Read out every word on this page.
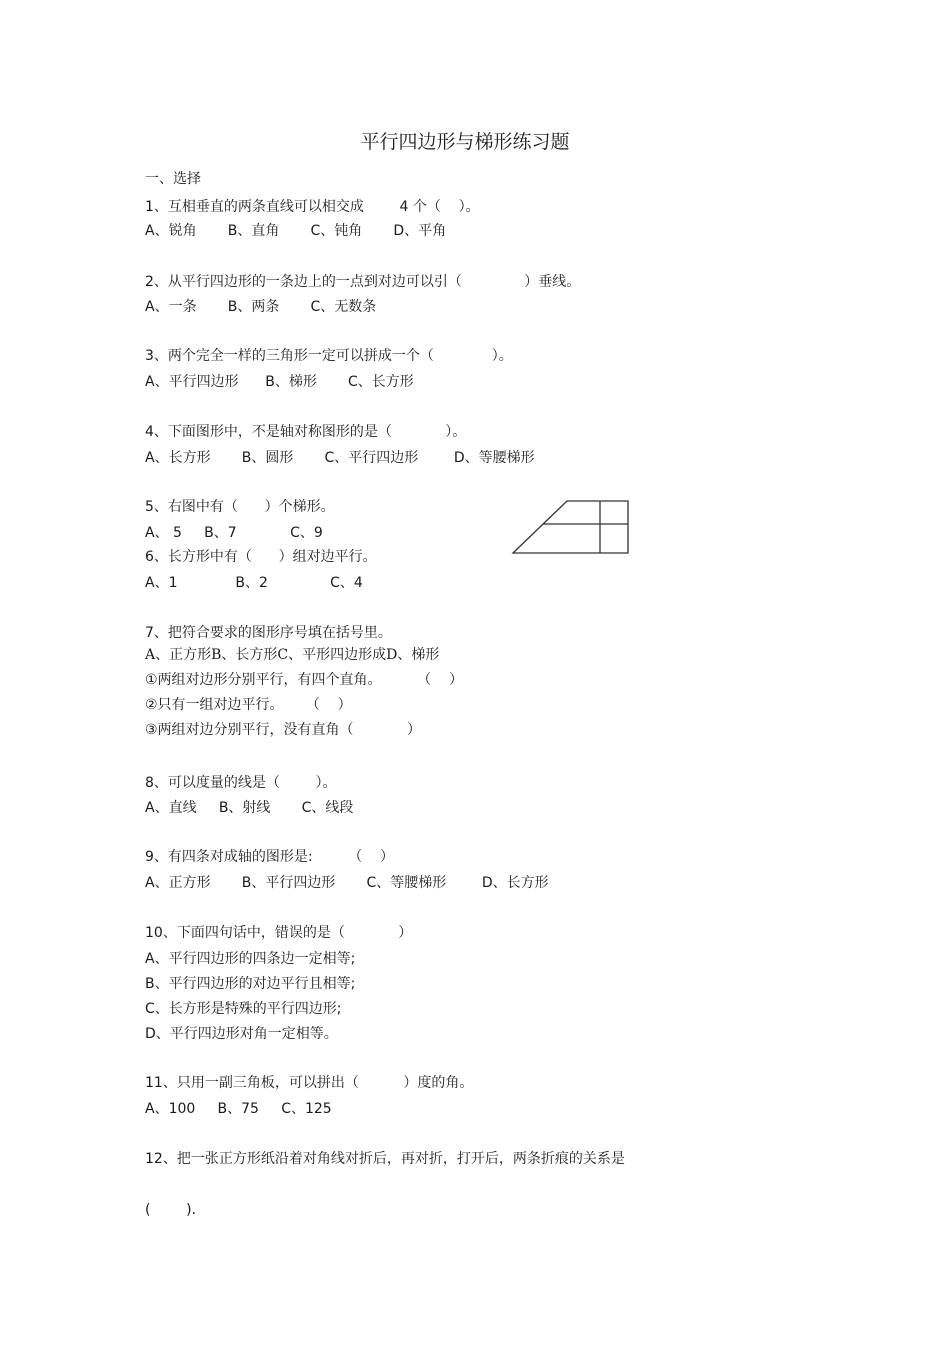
平行四边形与梯形练习题
一、选择
1、互相垂直的两条直线可以相交成        4 个（    ）。
A、锐角       B、直角       C、钝角       D、平角
2、从平行四边形的一条边上的一点到对边可以引（              ）垂线。
A、一条       B、两条       C、无数条
3、两个完全一样的三角形一定可以拼成一个（             ）。
A、平行四边形      B、梯形       C、长方形
4、下面图形中，不是轴对称图形的是（            ）。
A、长方形       B、圆形       C、平行四边形        D、等腰梯形
5、右图中有（      ）个梯形。
A、 5     B、7            C、9
6、长方形中有（      ）组对边平行。
A、1             B、2              C、4
7、把符合要求的图形序号填在括号里。
A、正方形B、长方形C、平形四边形成D、梯形
①两组对边形分别平行，有四个直角。        （    ）
②只有一组对边平行。     （    ）
③两组对边分别平行，没有直角（            ）
8、可以度量的线是（        ）。
A、直线     B、射线       C、线段
9、有四条对成轴的图形是:        （    ）
A、正方形       B、平行四边形       C、等腰梯形        D、长方形
10、下面四句话中，错误的是（            ）
A、平行四边形的四条边一定相等;
B、平行四边形的对边平行且相等;
C、长方形是特殊的平行四边形;
D、平行四边形对角一定相等。
11、只用一副三角板，可以拼出（          ）度的角。
A、100     B、75     C、125
12、把一张正方形纸沿着对角线对折后，再对折，打开后，两条折痕的关系是
(        ).
